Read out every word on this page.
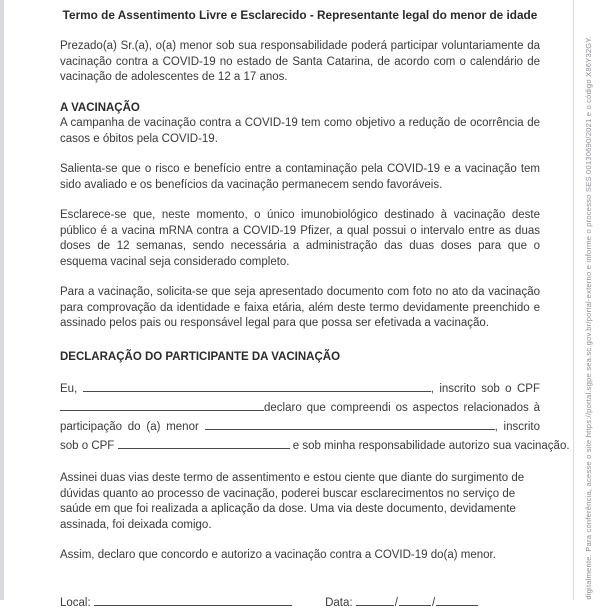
digitalmente. Para conferência, acesse o site https://portal.sgpe.sea.sc.gov.br/portal-externo e informe o processo SES 00130690/2021 e o código X86Y32GY.
Termo de Assentimento Livre e Esclarecido - Representante legal do menor de idade

Prezado(a) Sr.(a), o(a) menor sob sua responsabilidade poderá participar voluntariamente da vacinação contra a COVID-19 no estado de Santa Catarina, de acordo com o calendário de vacinação de adolescentes de 12 a 17 anos.

A VACINAÇÃO

A campanha de vacinação contra a COVID-19 tem como objetivo a redução de ocorrência de casos e óbitos pela COVID-19.

Salienta-se que o risco e benefício entre a contaminação pela COVID-19 e a vacinação tem sido avaliado e os benefícios da vacinação permanecem sendo favoráveis.

Esclarece-se que, neste momento, o único imunobiológico destinado à vacinação deste público é a vacina mRNA contra a COVID-19 Pfizer, a qual possui o intervalo entre as duas doses de 12 semanas, sendo necessária a administração das duas doses para que o esquema vacinal seja considerado completo.

Para a vacinação, solicita-se que seja apresentado documento com foto no ato da vacinação para comprovação da identidade e faixa etária, além deste termo devidamente preenchido e assinado pelos pais ou responsável legal para que possa ser efetivada a vacinação.

DECLARAÇÃO DO PARTICIPANTE DA VACINAÇÃO
Eu,	, inscrito sob o CPF
declaro que compreendi os aspectos relacionados à
participação do (a) menor	, inscrito
sob o CPF	e sob minha responsabilidade autorizo sua vacinação.

Assinei duas vias deste termo de assentimento e estou ciente que diante do surgimento de dúvidas quanto ao processo de vacinação, poderei buscar esclarecimentos no serviço de saúde em que foi realizada a aplicação da dose. Uma via deste documento, devidamente assinada, foi deixada comigo.

Assim, declaro que concordo e autorizo a vacinação contra a COVID-19 do(a) menor.

Local:	Data:	/	/
